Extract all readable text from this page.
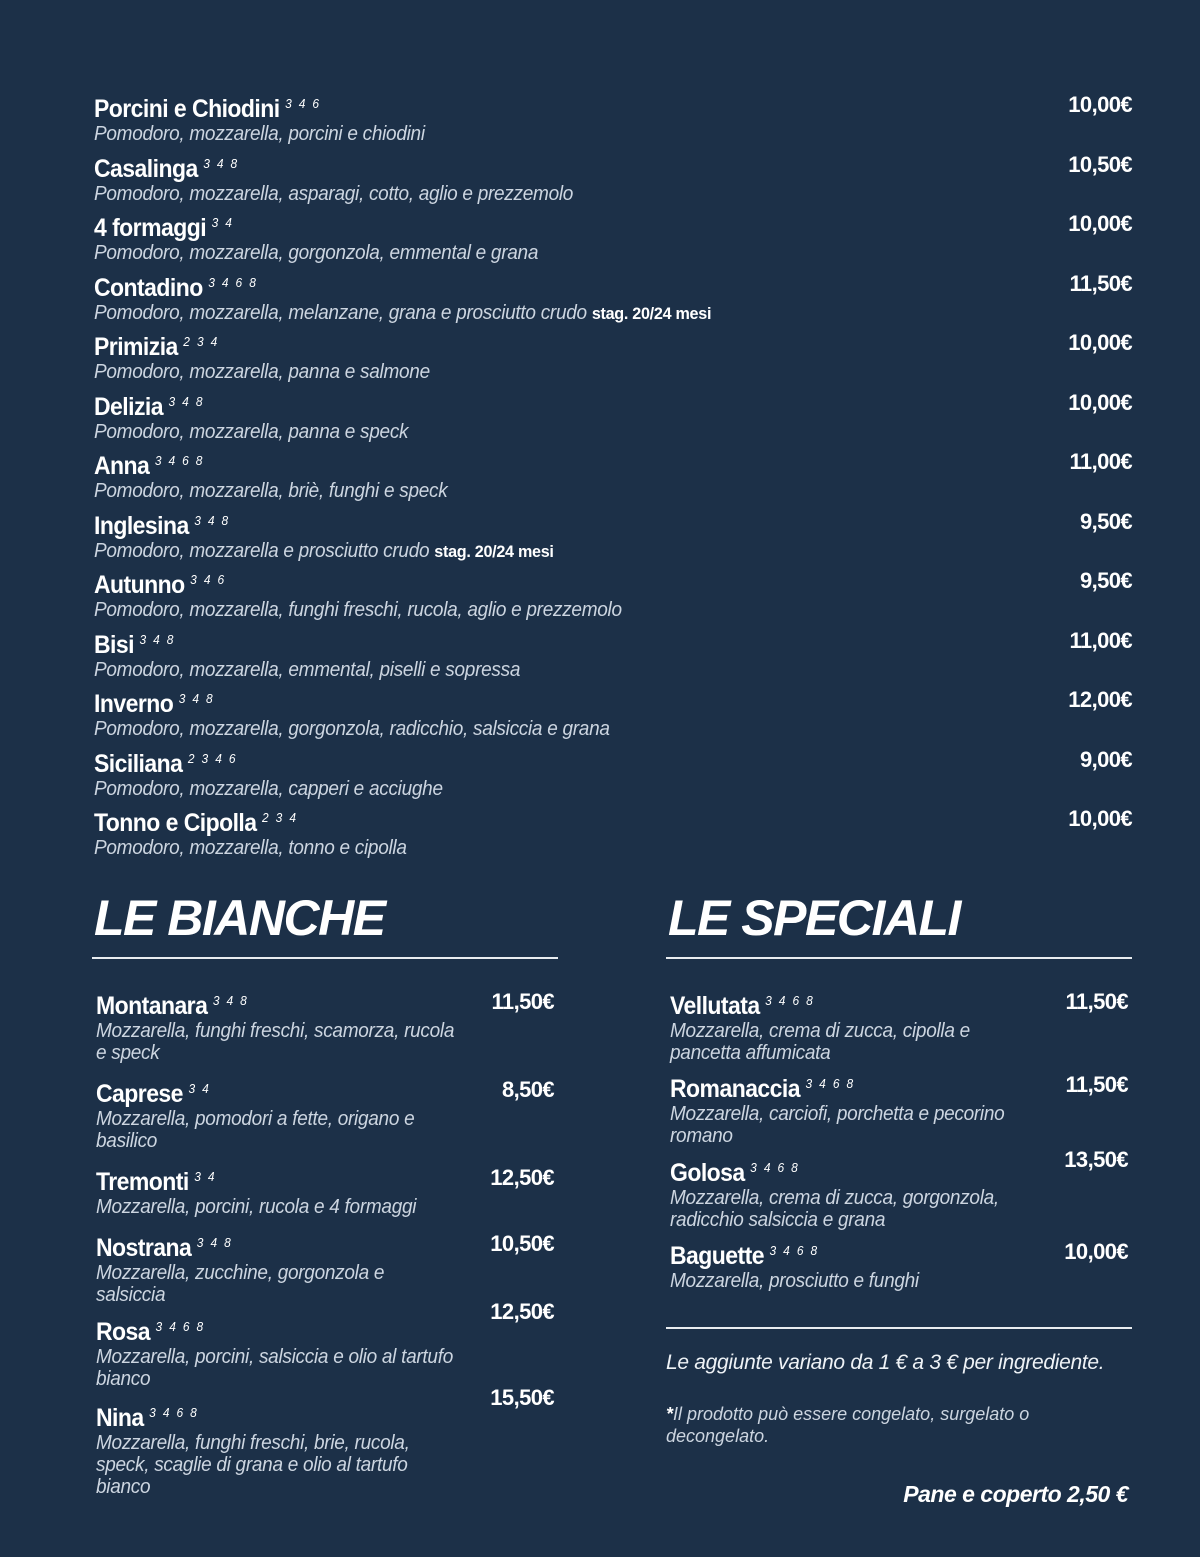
Porcini e Chiodini $^{3 4 6}$
Pomodoro, mozzarella, porcini e chiodini
10,00€
Casalinga $^{3 4 8}$
Pomodoro, mozzarella, asparagi, cotto, aglio e prezzemolo
10,50€
4 formaggi $^{3 4}$
Pomodoro, mozzarella, gorgonzola, emmental e grana
10,00€
Contadino $^{3 4 6 8}$
Pomodoro, mozzarella, melanzane, grana e prosciutto crudo stag. 20/24 mesi
11,50€
Primizia $^{2 3 4}$
Pomodoro, mozzarella, panna e salmone
10,00€
Delizia $^{3 4 8}$
Pomodoro, mozzarella, panna e speck
10,00€
Anna $^{3 4 6 8}$
Pomodoro, mozzarella, briè, funghi e speck
11,00€
Inglesina $^{3 4 8}$
Pomodoro, mozzarella e prosciutto crudo stag. 20/24 mesi
9,50€
Autunno $^{3 4 6}$
Pomodoro, mozzarella, funghi freschi, rucola, aglio e prezzemolo
9,50€
Bisi $^{3 4 8}$
Pomodoro, mozzarella, emmental, piselli e sopressa
11,00€
Inverno $^{3 4 8}$
Pomodoro, mozzarella, gorgonzola, radicchio, salsiccia e grana
12,00€
Siciliana $^{2 3 4 6}$
Pomodoro, mozzarella, capperi e acciughe
9,00€
Tonno e Cipolla $^{2 3 4}$
Pomodoro, mozzarella, tonno e cipolla
10,00€
LE BIANCHE
Montanara $^{3 4 8}$
Mozzarella, funghi freschi, scamorza, rucola e speck
11,50€
Caprese $^{3 4}$
Mozzarella, pomodori a fette, origano e basilico
8,50€
Tremonti $^{3 4}$
Mozzarella, porcini, rucola e 4 formaggi
12,50€
Nostrana $^{3 4 8}$
Mozzarella, zucchine, gorgonzola e salsiccia
10,50€
Rosa $^{3 4 6 8}$
Mozzarella, porcini, salsiccia e olio al tartufo bianco
12,50€
Nina $^{3 4 6 8}$
Mozzarella, funghi freschi, brie, rucola, speck, scaglie di grana e olio al tartufo bianco
15,50€
LE SPECIALI
Vellutata $^{3 4 6 8}$
Mozzarella, crema di zucca, cipolla e pancetta affumicata
11,50€
Romanaccia $^{3 4 6 8}$
Mozzarella, carciofi, porchetta e pecorino romano
11,50€
Golosa $^{3 4 6 8}$
Mozzarella, crema di zucca, gorgonzola, radicchio salsiccia e grana
13,50€
Baguette $^{3 4 6 8}$
Mozzarella, prosciutto e funghi
10,00€
Le aggiunte variano da 1 € a 3 € per ingrediente.
*Il prodotto può essere congelato, surgelato o decongelato.
Pane e coperto 2,50 €
